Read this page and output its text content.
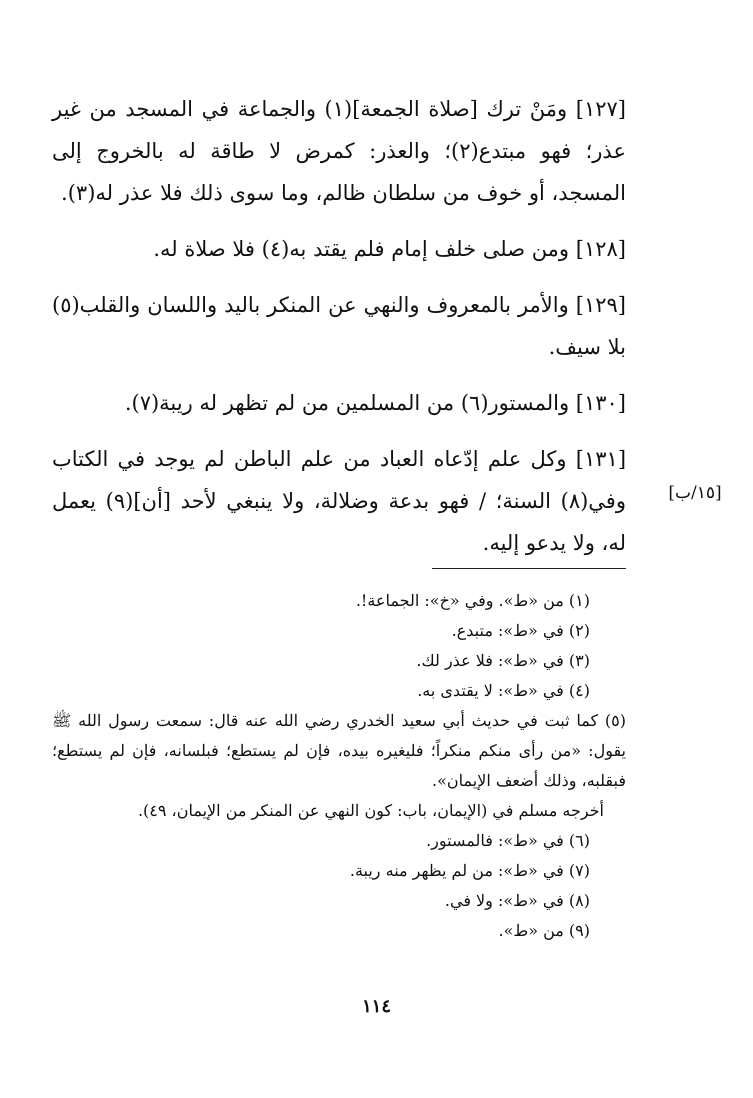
[١٢٧] ومَنْ ترك [صلاة الجمعة](١) والجماعة في المسجد من غير عذر؛ فهو مبتدع(٢)؛ والعذر: كمرض لا طاقة له بالخروج إلى المسجد، أو خوف من سلطان ظالم، وما سوى ذلك فلا عذر له(٣).

[١٢٨] ومن صلى خلف إمام فلم يقتد به(٤) فلا صلاة له.

[١٢٩] والأمر بالمعروف والنهي عن المنكر باليد واللسان والقلب(٥) بلا سيف.

[١٣٠] والمستور(٦) من المسلمين من لم تظهر له ريبة(٧).

[١٣١] وكل علم إدّعاه العباد من علم الباطن لم يوجد في الكتاب وفي(٨) السنة؛ / فهو بدعة وضلالة، ولا ينبغي لأحد [أن](٩) يعمل له، ولا يدعو إليه.

[١٥/ب]

(١) من «ط». وفي «خ»: الجماعة!.

(٢) في «ط»: متبدع.

(٣) في «ط»: فلا عذر لك.

(٤) في «ط»: لا يقتدى به.

(٥) كما ثبت في حديث أبي سعيد الخدري رضي الله عنه قال: سمعت رسول الله ﷺ يقول: «من رأى منكم منكراً؛ فليغيره بيده، فإن لم يستطع؛ فبلسانه، فإن لم يستطع؛ فبقلبه، وذلك أضعف الإيمان».

أخرجه مسلم في (الإيمان، باب: كون النهي عن المنكر من الإيمان، ٤٩).

(٦) في «ط»: فالمستور.

(٧) في «ط»: من لم يظهر منه ريبة.

(٨) في «ط»: ولا في.

(٩) من «ط».

١١٤
